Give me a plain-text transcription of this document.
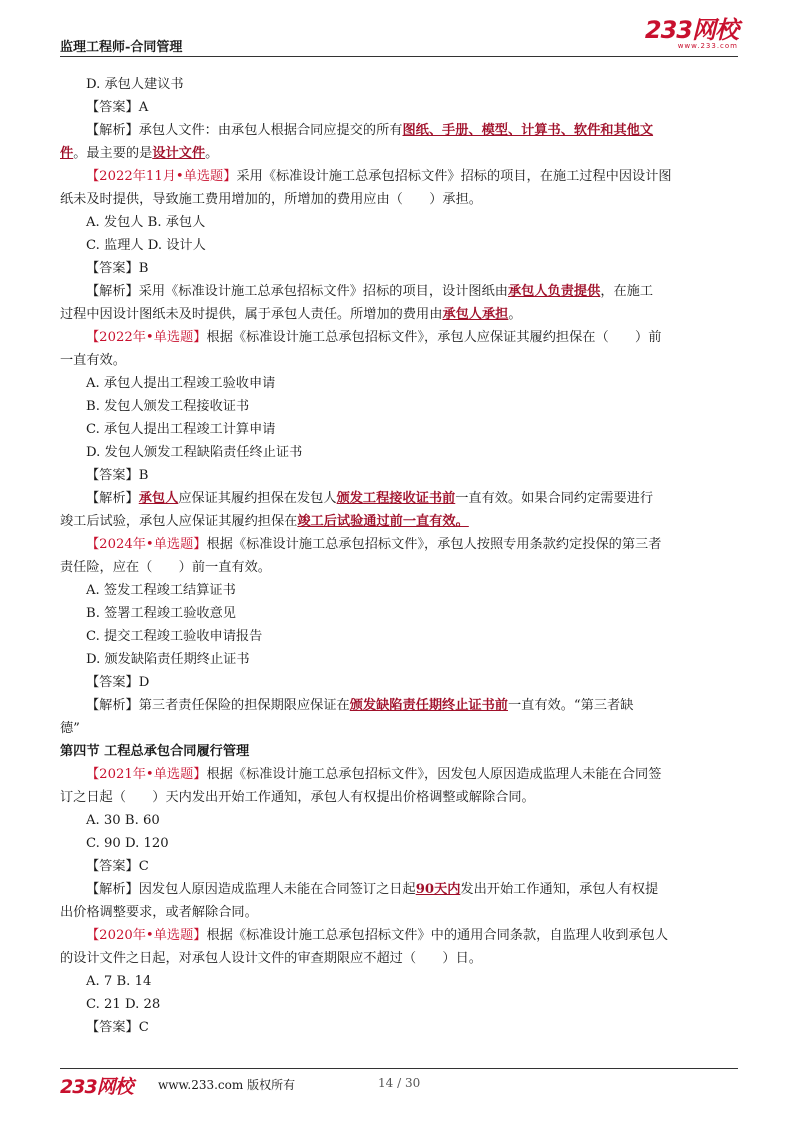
监理工程师-合同管理
233网校
www.233.com
D. 承包人建议书
【答案】A
【解析】承包人文件：由承包人根据合同应提交的所有图纸、手册、模型、计算书、软件和其他文
件。最主要的是设计文件。
【2022年11月•单选题】采用《标准设计施工总承包招标文件》招标的项目，在施工过程中因设计图
纸未及时提供，导致施工费用增加的，所增加的费用应由（　　）承担。
A. 发包人 B. 承包人
C. 监理人 D. 设计人
【答案】B
【解析】采用《标准设计施工总承包招标文件》招标的项目，设计图纸由承包人负责提供，在施工
过程中因设计图纸未及时提供，属于承包人责任。所增加的费用由承包人承担。
【2022年•单选题】根据《标准设计施工总承包招标文件》，承包人应保证其履约担保在（　　）前
一直有效。
A. 承包人提出工程竣工验收申请
B. 发包人颁发工程接收证书
C. 承包人提出工程竣工计算申请
D. 发包人颁发工程缺陷责任终止证书
【答案】B
【解析】承包人应保证其履约担保在发包人颁发工程接收证书前一直有效。如果合同约定需要进行
竣工后试验，承包人应保证其履约担保在竣工后试验通过前一直有效。
【2024年•单选题】根据《标准设计施工总承包招标文件》，承包人按照专用条款约定投保的第三者
责任险，应在（　　）前一直有效。
A. 签发工程竣工结算证书
B. 签署工程竣工验收意见
C. 提交工程竣工验收申请报告
D. 颁发缺陷责任期终止证书
【答案】D
【解析】第三者责任保险的担保期限应保证在颁发缺陷责任期终止证书前一直有效。“第三者缺
德”
第四节 工程总承包合同履行管理
【2021年•单选题】根据《标准设计施工总承包招标文件》，因发包人原因造成监理人未能在合同签
订之日起（　　）天内发出开始工作通知，承包人有权提出价格调整或解除合同。
A. 30 B. 60
C. 90 D. 120
【答案】C
【解析】因发包人原因造成监理人未能在合同签订之日起90天内发出开始工作通知，承包人有权提
出价格调整要求，或者解除合同。
【2020年•单选题】根据《标准设计施工总承包招标文件》中的通用合同条款，自监理人收到承包人
的设计文件之日起，对承包人设计文件的审查期限应不超过（　　）日。
A. 7 B. 14
C. 21 D. 28
【答案】C
233网校 www.233.com 版权所有	14 / 30
